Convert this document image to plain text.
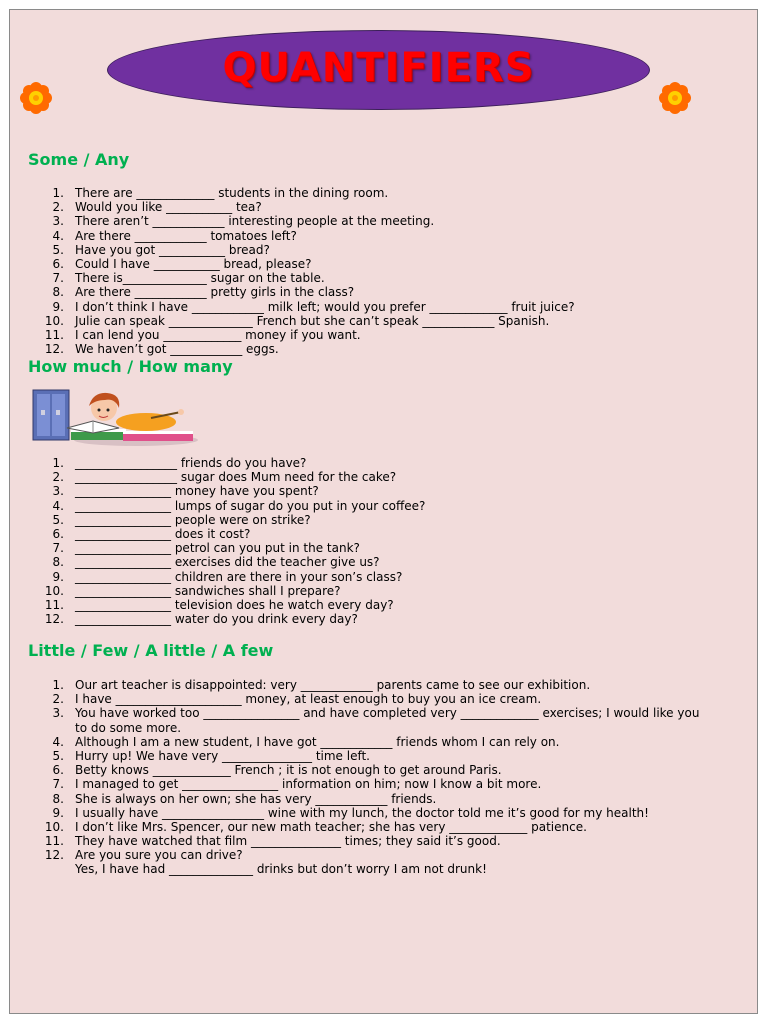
QUANTIFIERS
Some / Any
1. There are _____________ students in the dining room.
2. Would you like ___________ tea?
3. There aren’t ____________ interesting people at the meeting.
4. Are there ____________ tomatoes left?
5. Have you got ___________ bread?
6. Could I have ___________ bread, please?
7. There is______________ sugar on the table.
8. Are there ____________ pretty girls in the class?
9. I don’t think I have ____________ milk left; would you prefer _____________ fruit juice?
10. Julie can speak ______________ French but she can’t speak ____________ Spanish.
11. I can lend you _____________ money if you want.
12. We haven’t got ____________ eggs.
How much / How many
1. _________________ friends do you have?
2. _________________ sugar does Mum need for the cake?
3. ________________ money have you spent?
4. ________________ lumps of sugar do you put in your coffee?
5. ________________ people were on strike?
6. ________________ does it cost?
7. ________________ petrol can you put in the tank?
8. ________________ exercises did the teacher give us?
9. ________________ children are there in your son’s class?
10. ________________ sandwiches shall I prepare?
11. ________________ television does he watch every day?
12. ________________ water do you drink every day?
Little / Few / A little / A few
1. Our art teacher is disappointed: very ____________ parents came to see our exhibition.
2. I have _____________________ money, at least enough to buy you an ice cream.
3. You have worked too ________________ and have completed very _____________ exercises; I would like you
to do some more.
4. Although I am a new student, I have got ____________ friends whom I can rely on.
5. Hurry up! We have very _______________ time left.
6. Betty knows _____________ French ; it is not enough to get around Paris.
7. I managed to get ________________ information on him; now I know a bit more.
8. She is always on her own; she has very ____________ friends.
9. I usually have _________________ wine with my lunch, the doctor told me it’s good for my health!
10. I don’t like Mrs. Spencer, our new math teacher; she has very _____________ patience.
11. They have watched that film _______________ times; they said it’s good.
12. Are you sure you can drive?
Yes, I have had ______________ drinks but don’t worry I am not drunk!
